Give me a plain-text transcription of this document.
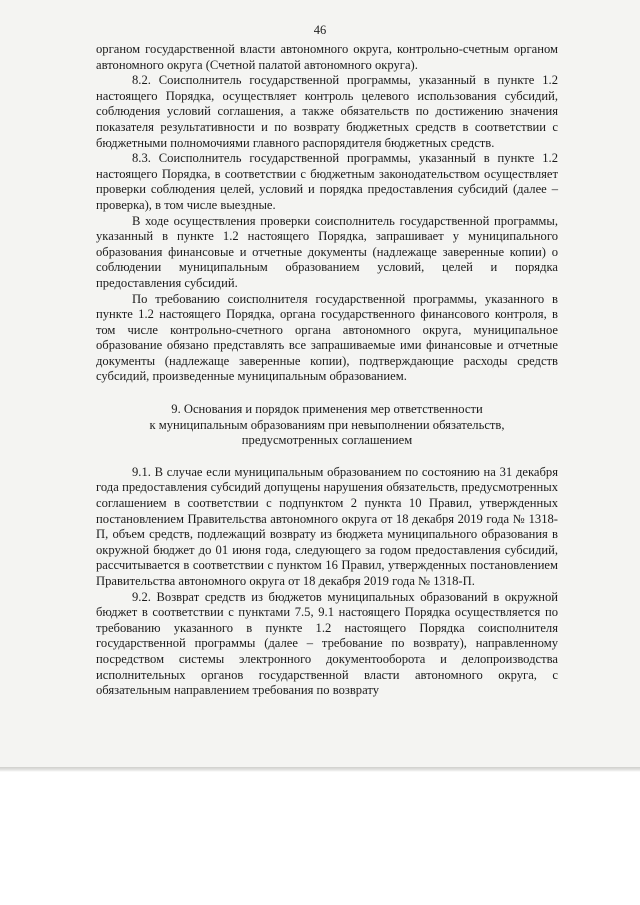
46

органом государственной власти автономного округа, контрольно-счетным органом автономного округа (Счетной палатой автономного округа).

8.2. Соисполнитель государственной программы, указанный в пункте 1.2 настоящего Порядка, осуществляет контроль целевого использования субсидий, соблюдения условий соглашения, а также обязательств по достижению значения показателя результативности и по возврату бюджетных средств в соответствии с бюджетными полномочиями главного распорядителя бюджетных средств.

8.3. Соисполнитель государственной программы, указанный в пункте 1.2 настоящего Порядка, в соответствии с бюджетным законодательством осуществляет проверки соблюдения целей, условий и порядка предоставления субсидий (далее – проверка), в том числе выездные.

В ходе осуществления проверки соисполнитель государственной программы, указанный в пункте 1.2 настоящего Порядка, запрашивает у муниципального образования финансовые и отчетные документы (надлежаще заверенные копии) о соблюдении муниципальным образованием условий, целей и порядка предоставления субсидий.

По требованию соисполнителя государственной программы, указанного в пункте 1.2 настоящего Порядка, органа государственного финансового контроля, в том числе контрольно-счетного органа автономного округа, муниципальное образование обязано представлять все запрашиваемые ими финансовые и отчетные документы (надлежаще заверенные копии), подтверждающие расходы средств субсидий, произведенные муниципальным образованием.

9. Основания и порядок применения мер ответственности
к муниципальным образованиям при невыполнении обязательств,
предусмотренных соглашением

9.1. В случае если муниципальным образованием по состоянию на 31 декабря года предоставления субсидий допущены нарушения обязательств, предусмотренных соглашением в соответствии с подпунктом 2 пункта 10 Правил, утвержденных постановлением Правительства автономного округа от 18 декабря 2019 года № 1318-П, объем средств, подлежащий возврату из бюджета муниципального образования в окружной бюджет до 01 июня года, следующего за годом предоставления субсидий, рассчитывается в соответствии с пунктом 16 Правил, утвержденных постановлением Правительства автономного округа от 18 декабря 2019 года № 1318-П.

9.2. Возврат средств из бюджетов муниципальных образований в окружной бюджет в соответствии с пунктами 7.5, 9.1 настоящего Порядка осуществляется по требованию указанного в пункте 1.2 настоящего Порядка соисполнителя государственной программы (далее – требование по возврату), направленному посредством системы электронного документооборота и делопроизводства исполнительных органов государственной власти автономного округа, с обязательным направлением требования по возврату
